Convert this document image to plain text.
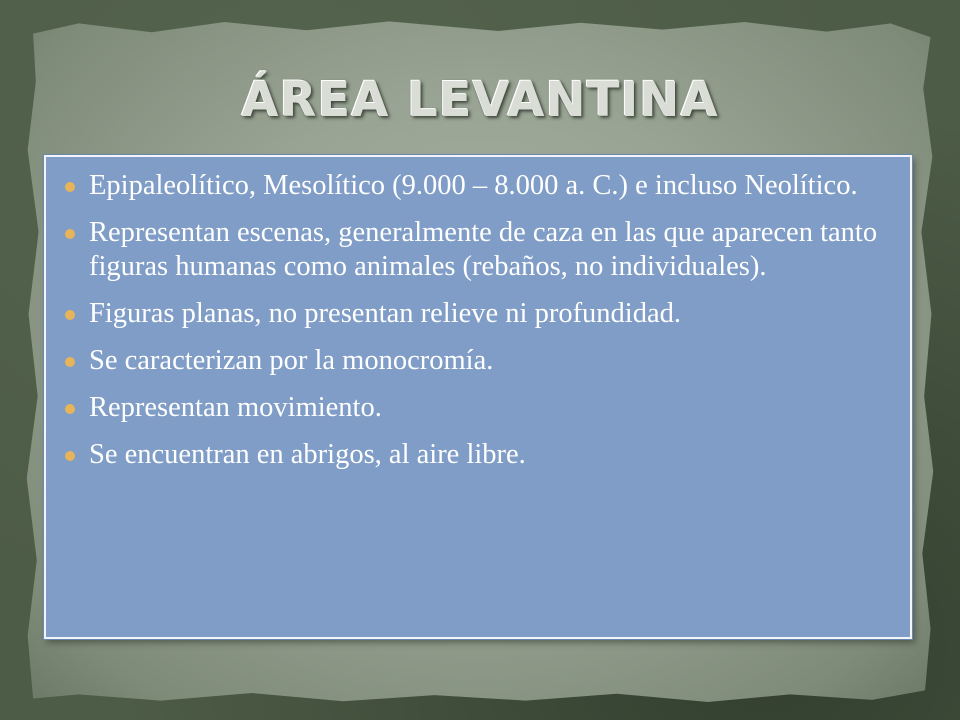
ÁREA LEVANTINA
Epipaleolítico, Mesolítico (9.000 – 8.000 a. C.) e incluso Neolítico.
Representan escenas, generalmente de caza en las que aparecen tanto figuras humanas como animales (rebaños, no individuales).
Figuras planas, no presentan relieve ni profundidad.
Se caracterizan por la monocromía.
Representan movimiento.
Se encuentran en abrigos, al aire libre.
